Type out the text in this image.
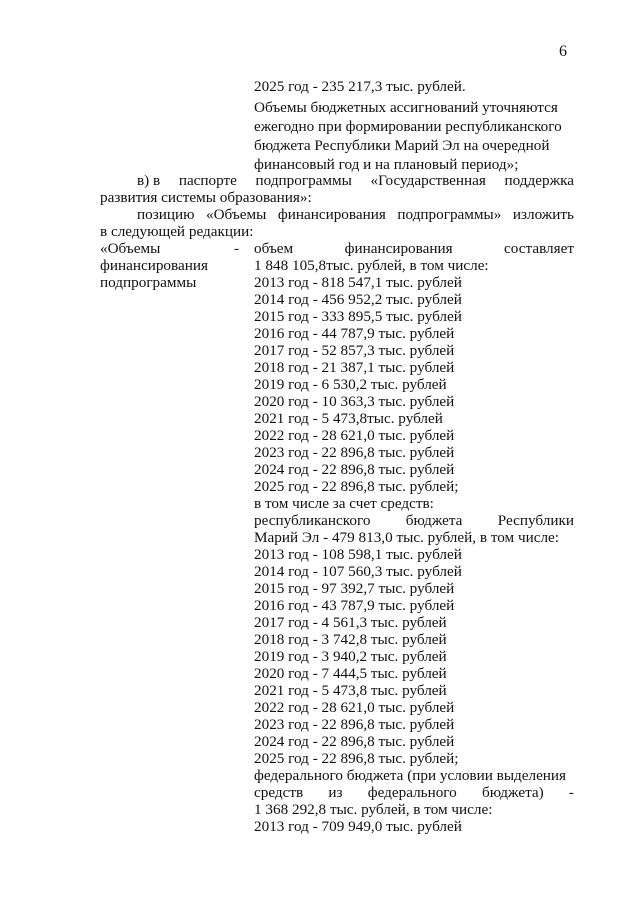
6
2025 год - 235 217,3 тыс. рублей.
Объемы бюджетных ассигнований уточняются
ежегодно при формировании республиканского
бюджета Республики Марий Эл на очередной
финансовый год и на плановый период»;
в) в паспорте подпрограммы «Государственная поддержка
развития системы образования»:
позицию «Объемы финансирования подпрограммы» изложить
в следующей редакции:
«Объемы
финансирования
подпрограммы
- объем	финансирования	составляет
1 848 105,8тыс. рублей, в том числе:
2013 год - 818 547,1 тыс. рублей
2014 год - 456 952,2 тыс. рублей
2015 год - 333 895,5 тыс. рублей
2016 год - 44 787,9 тыс. рублей
2017 год - 52 857,3 тыс. рублей
2018 год - 21 387,1 тыс. рублей
2019 год - 6 530,2 тыс. рублей
2020 год - 10 363,3 тыс. рублей
2021 год - 5 473,8тыс. рублей
2022 год - 28 621,0 тыс. рублей
2023 год - 22 896,8 тыс. рублей
2024 год - 22 896,8 тыс. рублей
2025 год - 22 896,8 тыс. рублей;
в том числе за счет средств:
республиканского бюджета Республики
Марий Эл - 479 813,0 тыс. рублей, в том числе:
2013 год - 108 598,1 тыс. рублей
2014 год - 107 560,3 тыс. рублей
2015 год - 97 392,7 тыс. рублей
2016 год - 43 787,9 тыс. рублей
2017 год - 4 561,3 тыс. рублей
2018 год - 3 742,8 тыс. рублей
2019 год - 3 940,2 тыс. рублей
2020 год - 7 444,5 тыс. рублей
2021 год - 5 473,8 тыс. рублей
2022 год - 28 621,0 тыс. рублей
2023 год - 22 896,8 тыс. рублей
2024 год - 22 896,8 тыс. рублей
2025 год - 22 896,8 тыс. рублей;
федерального бюджета (при условии выделения
средств из федерального бюджета) -
1 368 292,8 тыс. рублей, в том числе:
2013 год - 709 949,0 тыс. рублей
